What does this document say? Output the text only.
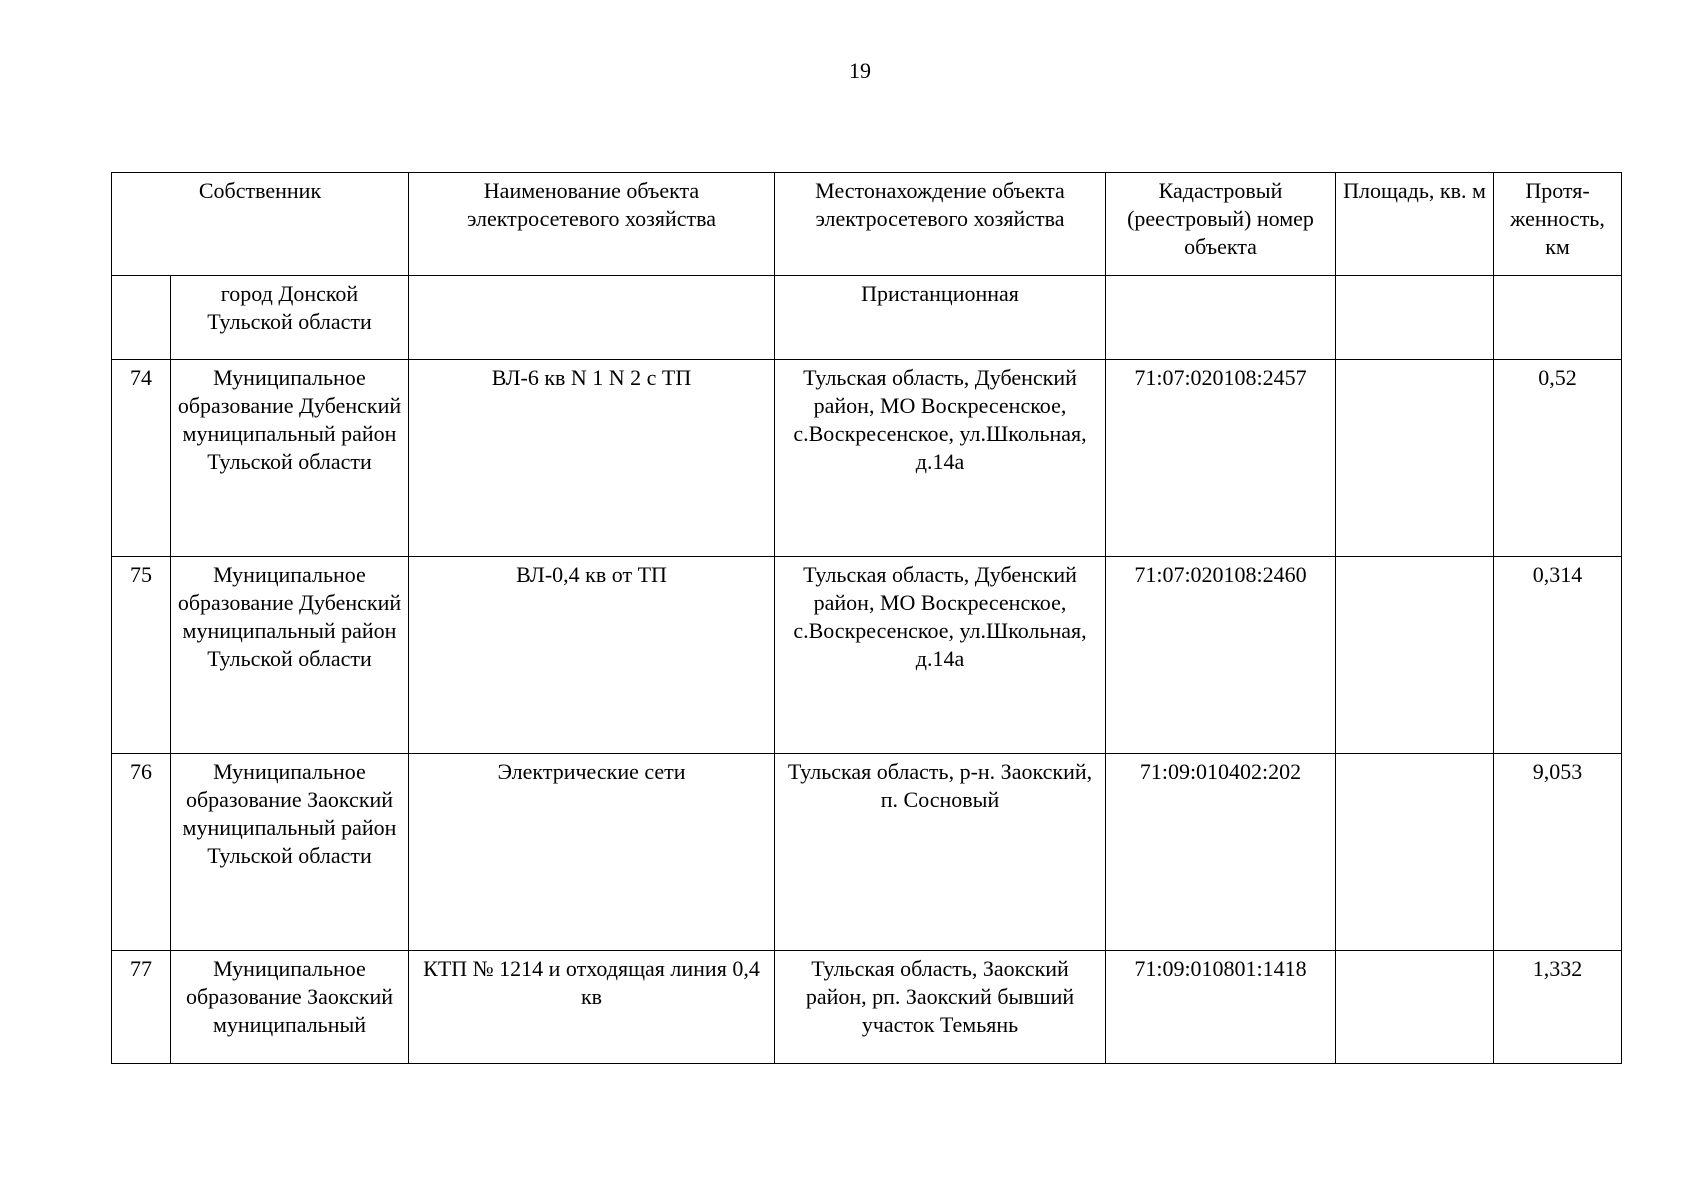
19
Собственник		Наименование объекта электросетевого хозяйства	Местонахождение объекта электросетевого хозяйства	Кадастровый (реестровый) номер объекта	Площадь, кв. м	Протя-женность, км
	город Донской Тульской области		Пристанционная			
74	Муниципальное образование Дубенский муниципальный район Тульской области	ВЛ-6 кв N 1 N 2 с ТП	Тульская область, Дубенский район, МО Воскресенское, с.Воскресенское, ул.Школьная, д.14а	71:07:020108:2457		0,52
75	Муниципальное образование Дубенский муниципальный район Тульской области	ВЛ-0,4 кв от ТП	Тульская область, Дубенский район, МО Воскресенское, с.Воскресенское, ул.Школьная, д.14а	71:07:020108:2460		0,314
76	Муниципальное образование Заокский муниципальный район Тульской области	Электрические сети	Тульская область, р-н. Заокский, п. Сосновый	71:09:010402:202		9,053
77	Муниципальное образование Заокский муниципальный	КТП № 1214 и отходящая линия 0,4 кв	Тульская область, Заокский район, рп. Заокский бывший участок Темьянь	71:09:010801:1418		1,332
